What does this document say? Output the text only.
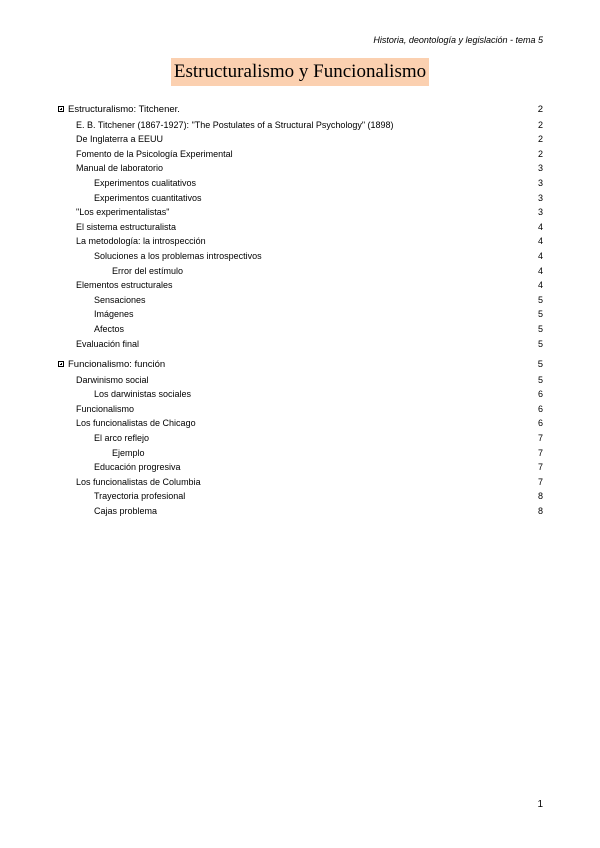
Historia, deontología y legislación - tema 5
Estructuralismo y Funcionalismo
Estructuralismo: Titchener.	2
E. B. Titchener (1867-1927): "The Postulates of a Structural Psychology" (1898)	2
De Inglaterra a EEUU	2
Fomento de la Psicología Experimental	2
Manual de laboratorio	3
Experimentos cualitativos	3
Experimentos cuantitativos	3
"Los experimentalistas"	3
El sistema estructuralista	4
La metodología: la introspección	4
Soluciones a los problemas introspectivos	4
Error del estímulo	4
Elementos estructurales	4
Sensaciones	5
Imágenes	5
Afectos	5
Evaluación final	5
Funcionalismo: función	5
Darwinismo social	5
Los darwinistas sociales	6
Funcionalismo	6
Los funcionalistas de Chicago	6
El arco reflejo	7
Ejemplo	7
Educación progresiva	7
Los funcionalistas de Columbia	7
Trayectoria profesional	8
Cajas problema	8
1
